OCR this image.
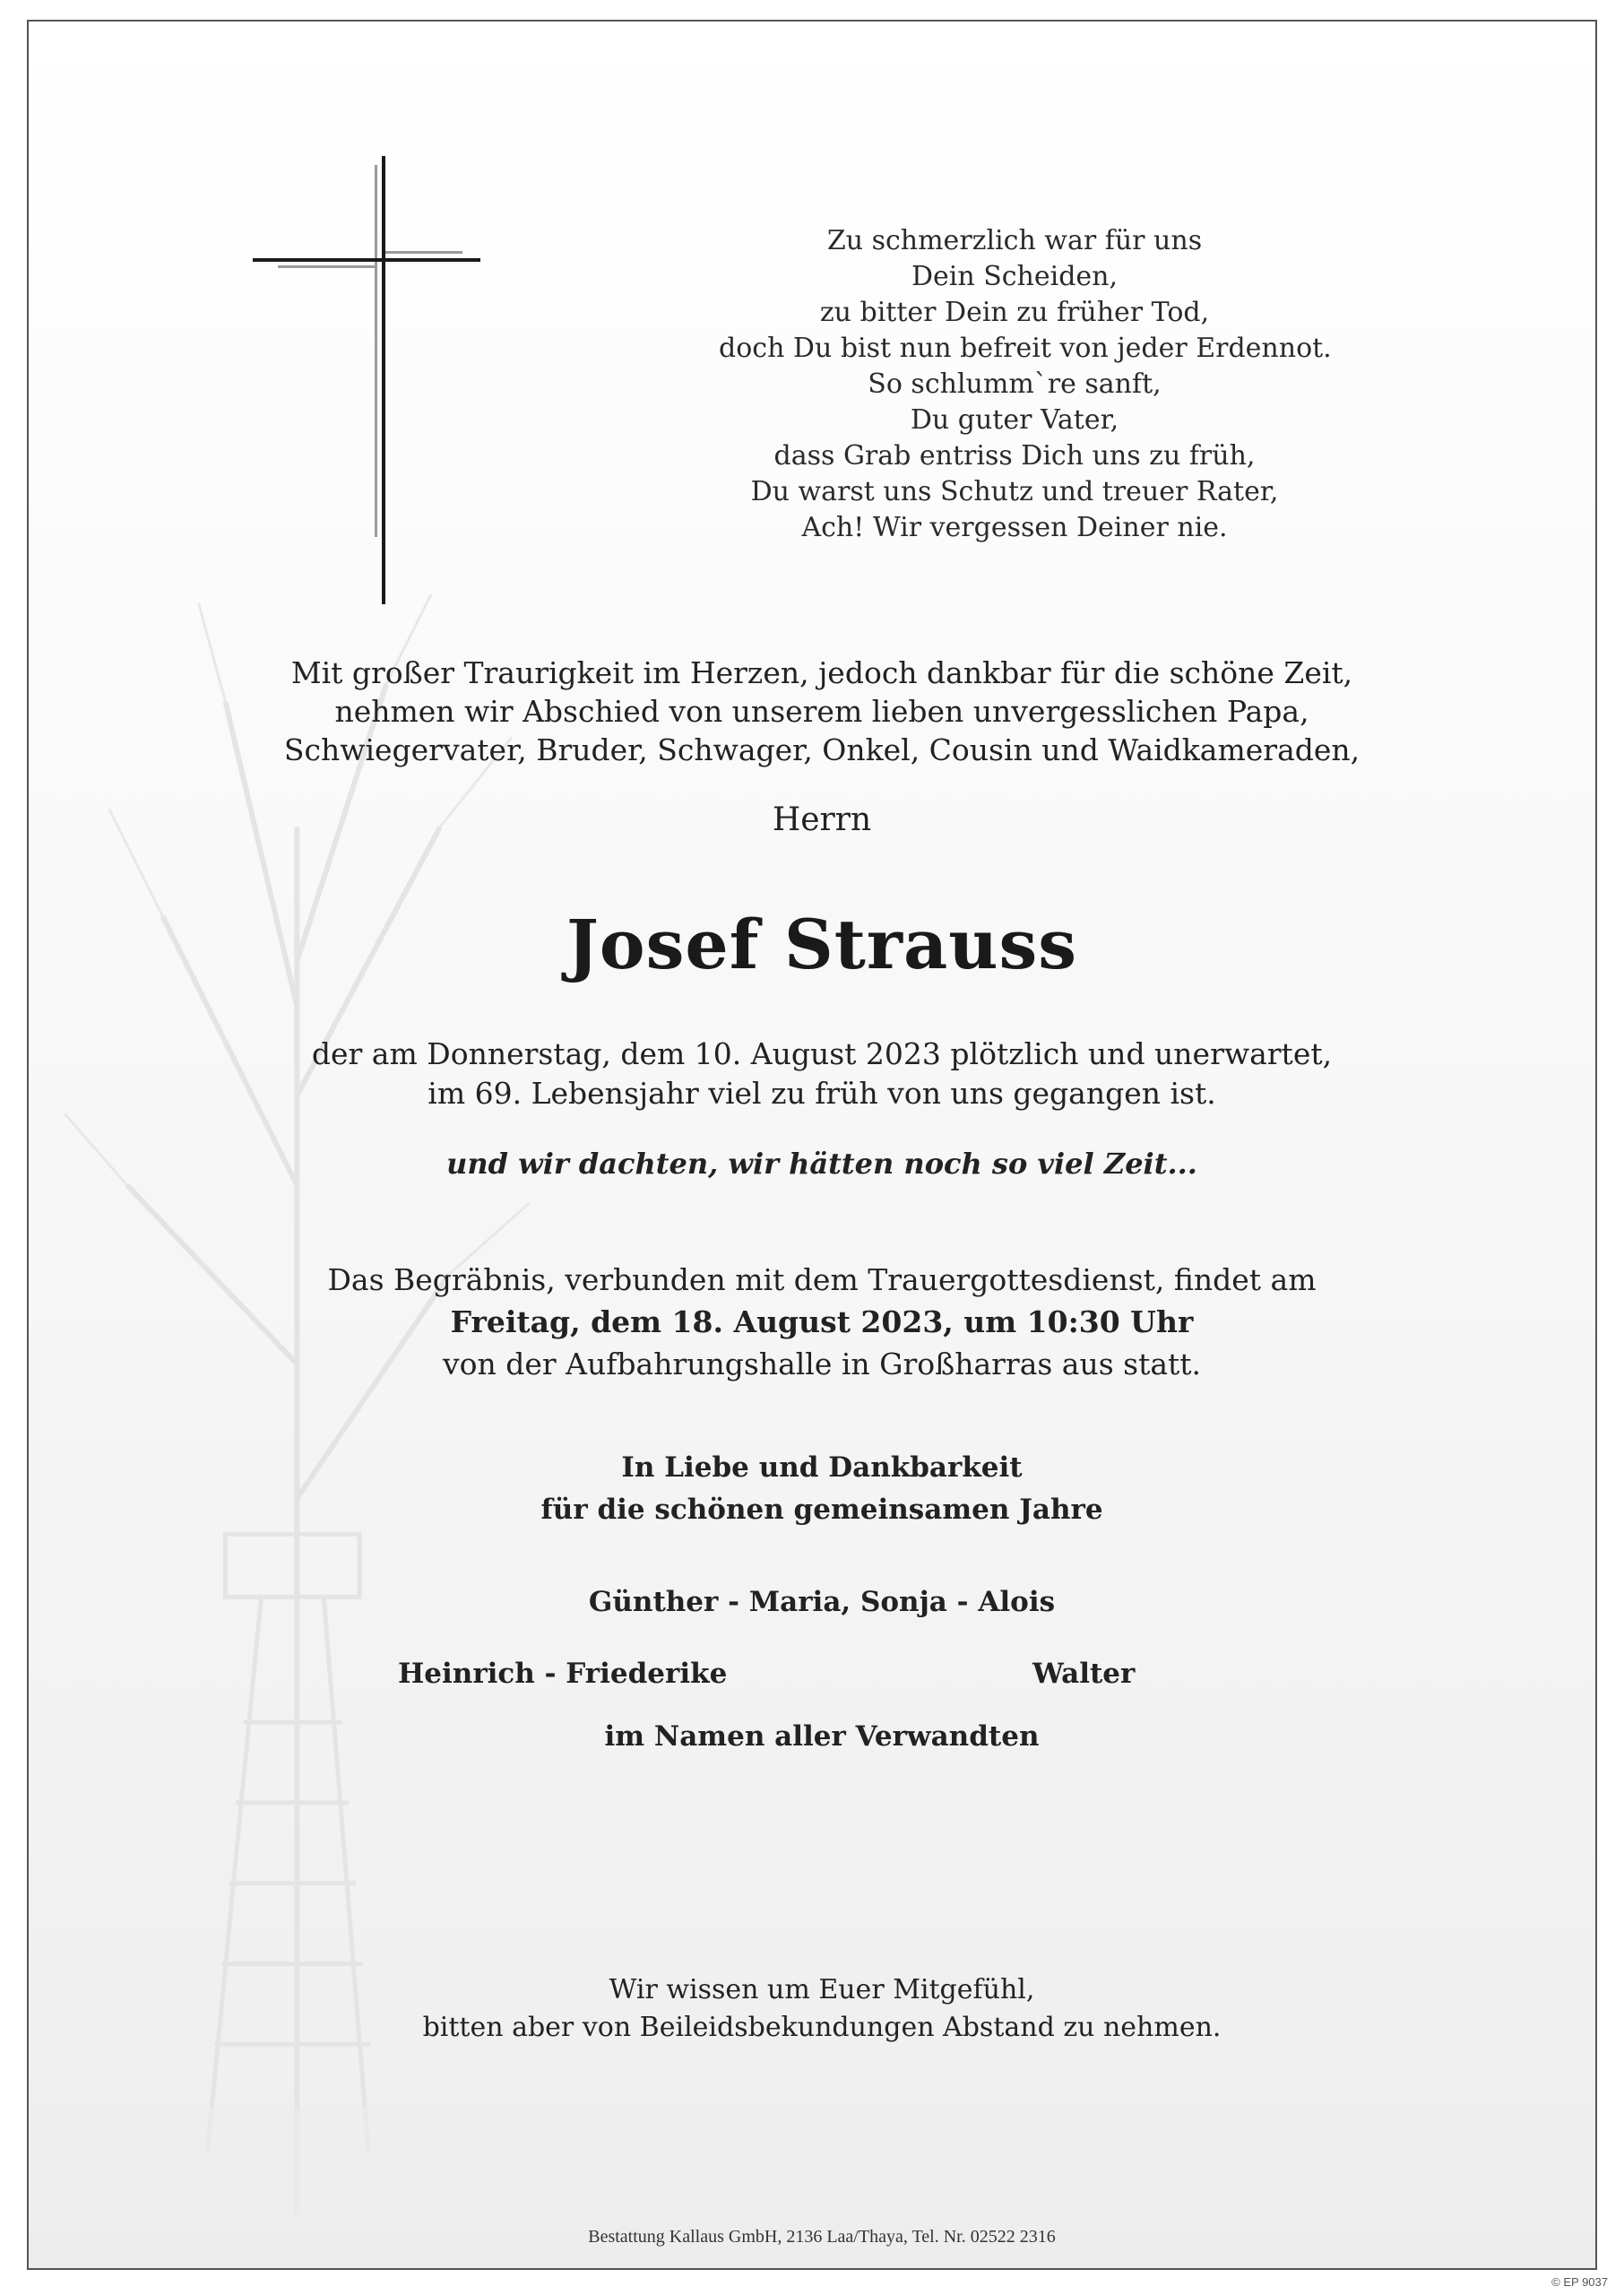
Zu schmerzlich war für uns
Dein Scheiden,
zu bitter Dein zu früher Tod,
doch Du bist nun befreit von jeder Erdennot.
So schlumm`re sanft,
Du guter Vater,
dass Grab entriss Dich uns zu früh,
Du warst uns Schutz und treuer Rater,
Ach! Wir vergessen Deiner nie.
Mit großer Traurigkeit im Herzen, jedoch dankbar für die schöne Zeit,
nehmen wir Abschied von unserem lieben unvergesslichen Papa,
Schwiegervater, Bruder, Schwager, Onkel, Cousin und Waidkameraden,
Herrn
Josef Strauss
der am Donnerstag, dem 10. August 2023 plötzlich und unerwartet,
im 69. Lebensjahr viel zu früh von uns gegangen ist.
und wir dachten, wir hätten noch so viel Zeit...
Das Begräbnis, verbunden mit dem Trauergottesdienst, findet am
Freitag, dem 18. August 2023, um 10:30 Uhr
von der Aufbahrungshalle in Großharras aus statt.
In Liebe und Dankbarkeit
für die schönen gemeinsamen Jahre
Günther - Maria, Sonja - Alois
Heinrich - Friederike	Walter
im Namen aller Verwandten
Wir wissen um Euer Mitgefühl,
bitten aber von Beileidsbekundungen Abstand zu nehmen.
Bestattung Kallaus GmbH, 2136 Laa/Thaya, Tel. Nr. 02522 2316
© EP 9037
